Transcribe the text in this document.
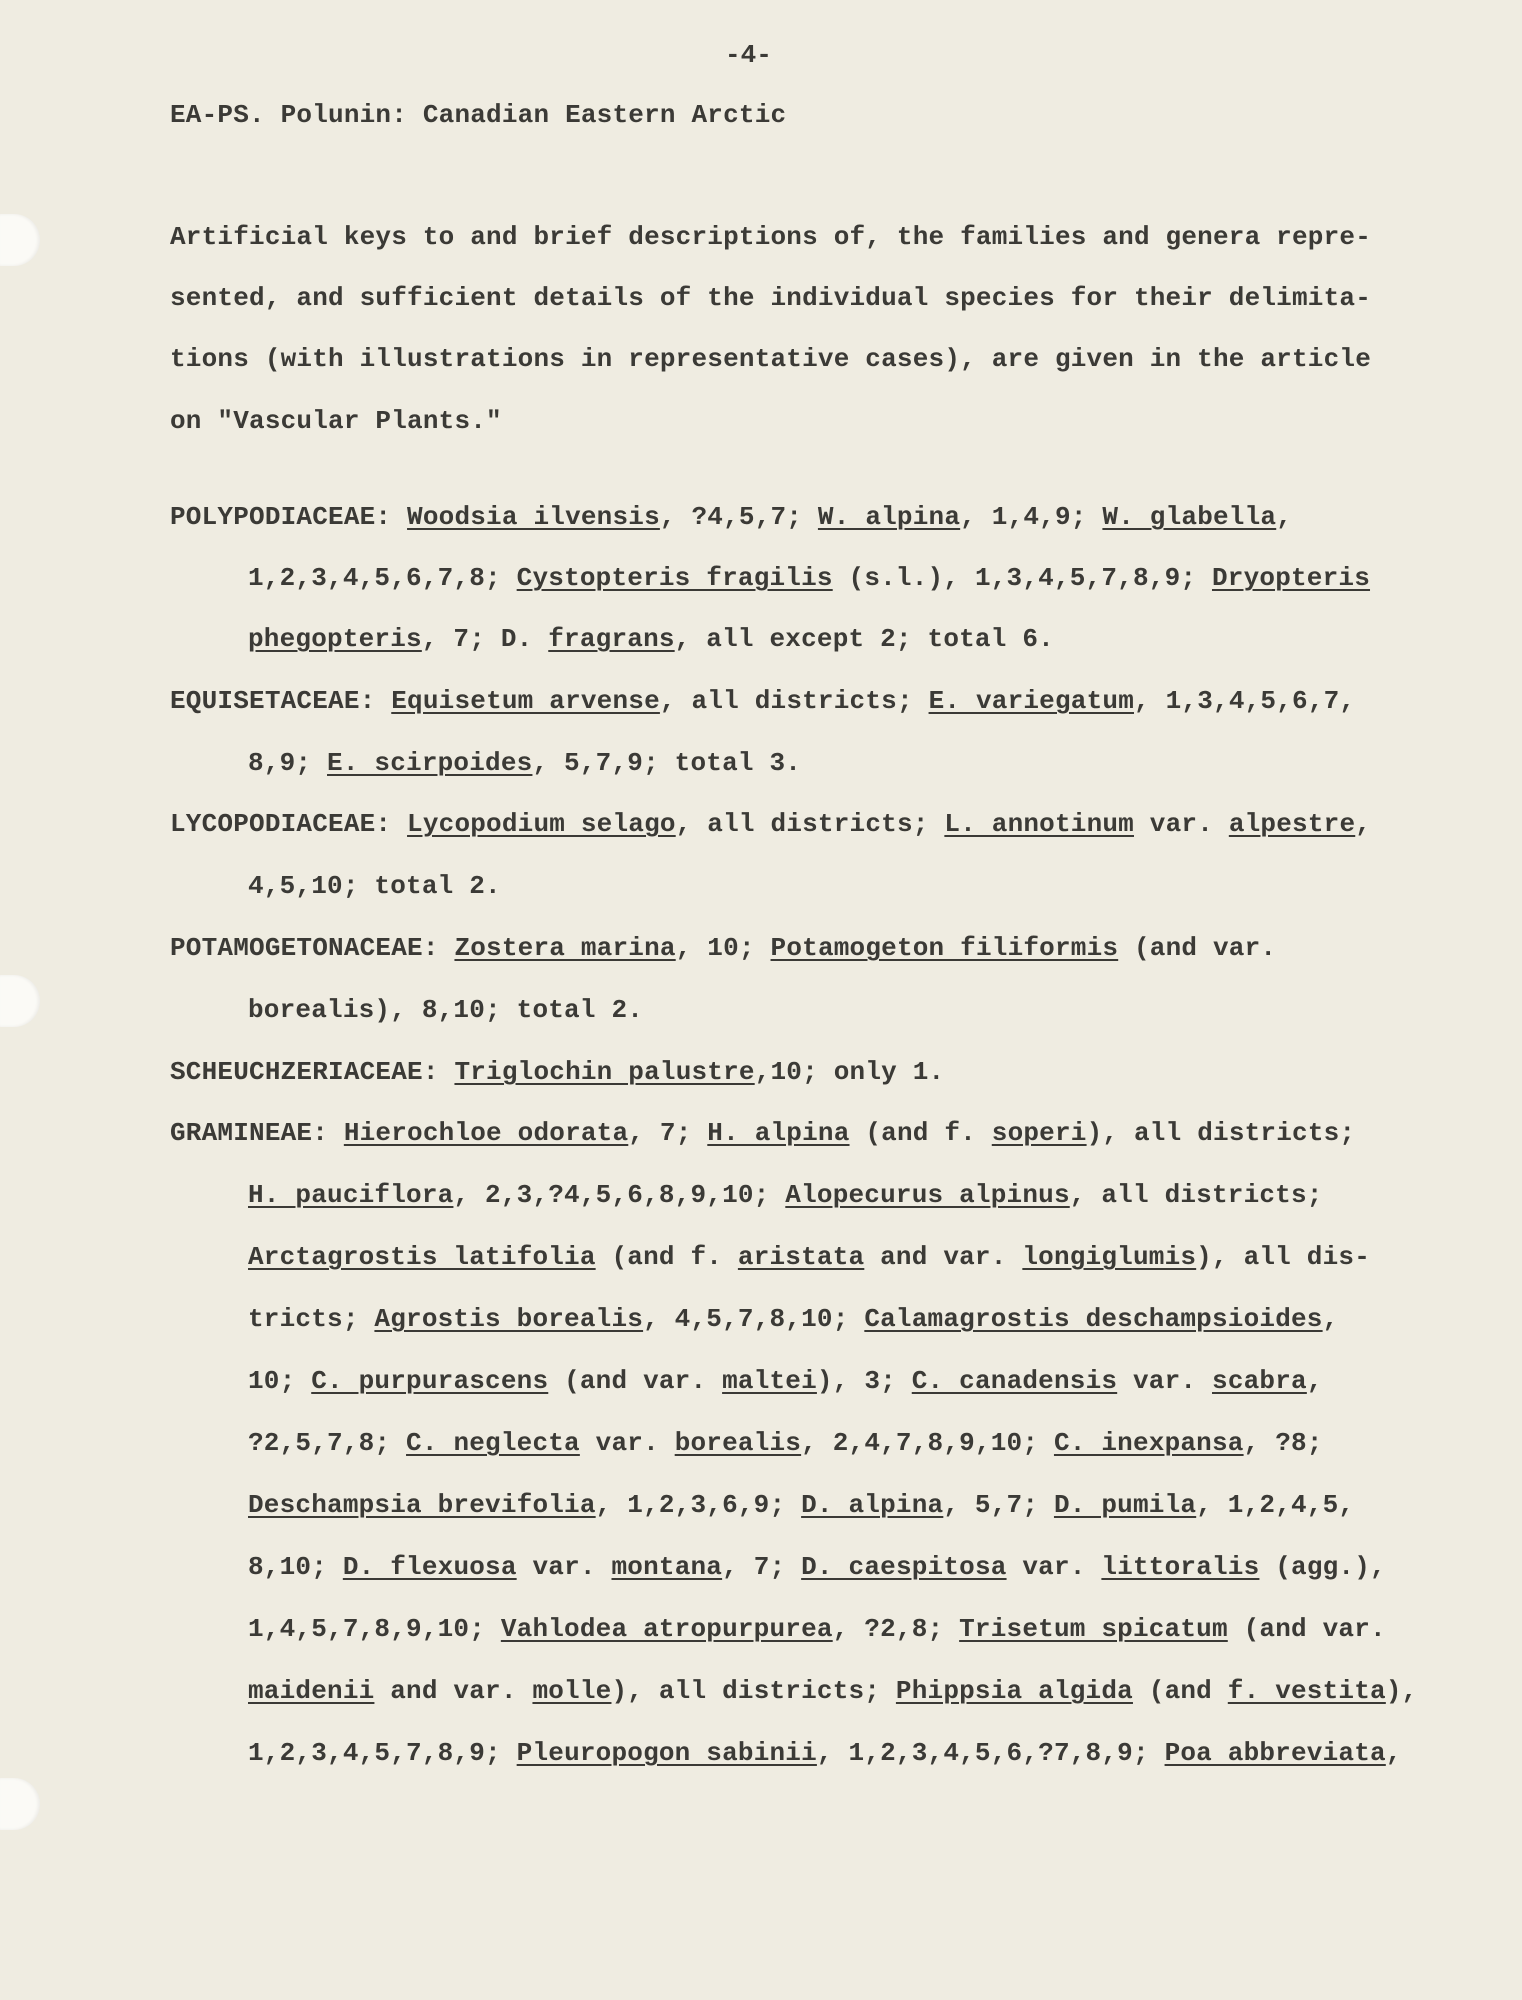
-4-
EA-PS. Polunin: Canadian Eastern Arctic
Artificial keys to and brief descriptions of, the families and genera repre-
sented, and sufficient details of the individual species for their delimita-
tions (with illustrations in representative cases), are given in the article
on "Vascular Plants."
POLYPODIACEAE: Woodsia ilvensis, ?4,5,7; W. alpina, 1,4,9; W. glabella,
1,2,3,4,5,6,7,8; Cystopteris fragilis (s.l.), 1,3,4,5,7,8,9; Dryopteris
phegopteris, 7; D. fragrans, all except 2; total 6.
EQUISETACEAE: Equisetum arvense, all districts; E. variegatum, 1,3,4,5,6,7,
8,9; E. scirpoides, 5,7,9; total 3.
LYCOPODIACEAE: Lycopodium selago, all districts; L. annotinum var. alpestre,
4,5,10; total 2.
POTAMOGETONACEAE: Zostera marina, 10; Potamogeton filiformis (and var.
borealis), 8,10; total 2.
SCHEUCHZERIACEAE: Triglochin palustre,10; only 1.
GRAMINEAE: Hierochloe odorata, 7; H. alpina (and f. soperi), all districts;
H. pauciflora, 2,3,?4,5,6,8,9,10; Alopecurus alpinus, all districts;
Arctagrostis latifolia (and f. aristata and var. longiglumis), all dis-
tricts; Agrostis borealis, 4,5,7,8,10; Calamagrostis deschampsioides,
10; C. purpurascens (and var. maltei), 3; C. canadensis var. scabra,
?2,5,7,8; C. neglecta var. borealis, 2,4,7,8,9,10; C. inexpansa, ?8;
Deschampsia brevifolia, 1,2,3,6,9; D. alpina, 5,7; D. pumila, 1,2,4,5,
8,10; D. flexuosa var. montana, 7; D. caespitosa var. littoralis (agg.),
1,4,5,7,8,9,10; Vahlodea atropurpurea, ?2,8; Trisetum spicatum (and var.
maidenii and var. molle), all districts; Phippsia algida (and f. vestita),
1,2,3,4,5,7,8,9; Pleuropogon sabinii, 1,2,3,4,5,6,?7,8,9; Poa abbreviata,
